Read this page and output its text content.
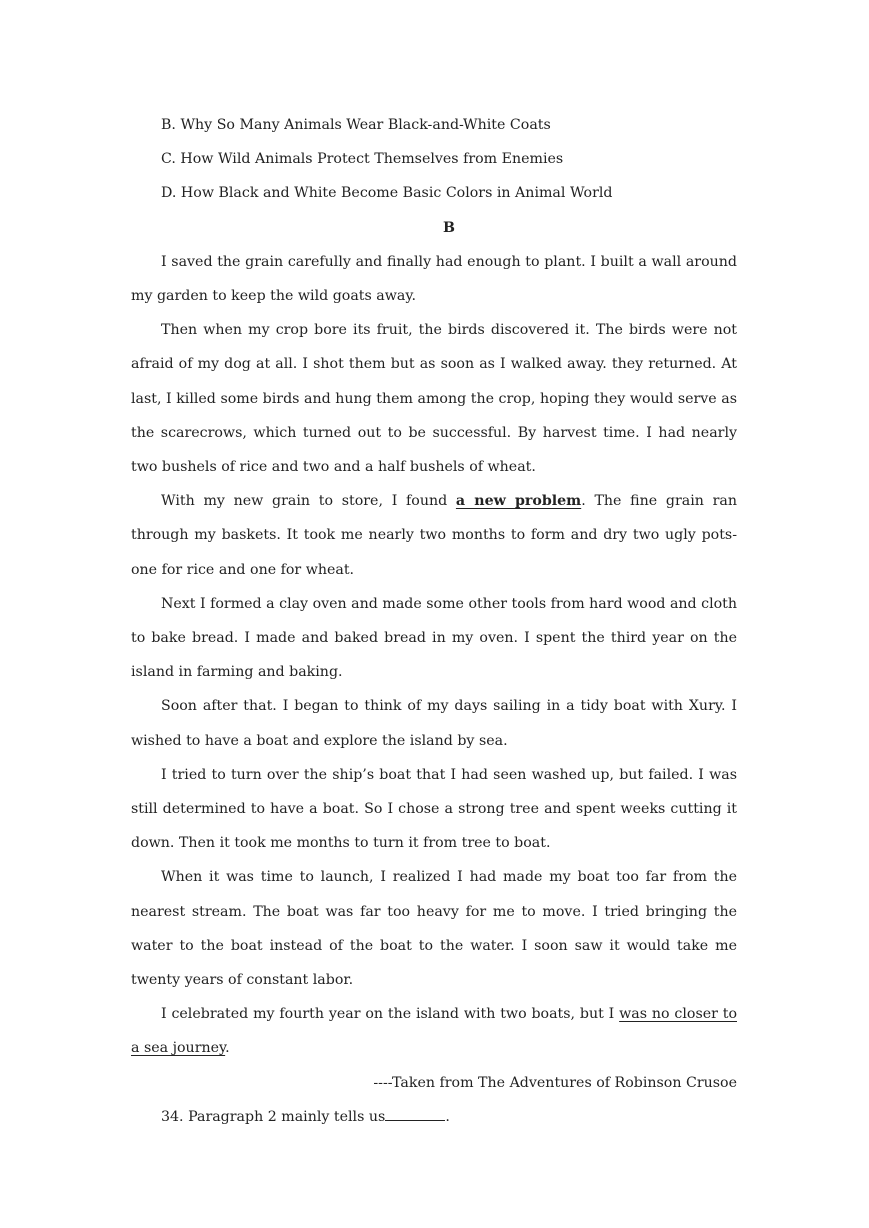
B. Why So Many Animals Wear Black-and-White Coats
C. How Wild Animals Protect Themselves from Enemies
D. How Black and White Become Basic Colors in Animal World
B

I saved the grain carefully and finally had enough to plant. I built a wall around my garden to keep the wild goats away.

Then when my crop bore its fruit, the birds discovered it. The birds were not afraid of my dog at all. I shot them but as soon as I walked away. they returned. At last, I killed some birds and hung them among the crop, hoping they would serve as the scarecrows, which turned out to be successful. By harvest time. I had nearly two bushels of rice and two and a half bushels of wheat.

With my new grain to store, I found a new problem. The fine grain ran through my baskets. It took me nearly two months to form and dry two ugly pots- one for rice and one for wheat.

Next I formed a clay oven and made some other tools from hard wood and cloth to bake bread. I made and baked bread in my oven. I spent the third year on the island in farming and baking.

Soon after that. I began to think of my days sailing in a tidy boat with Xury. I wished to have a boat and explore the island by sea.

I tried to turn over the ship’s boat that I had seen washed up, but failed. I was still determined to have a boat. So I chose a strong tree and spent weeks cutting it down. Then it took me months to turn it from tree to boat.

When it was time to launch, I realized I had made my boat too far from the nearest stream. The boat was far too heavy for me to move. I tried bringing the water to the boat instead of the boat to the water. I soon saw it would take me twenty years of constant labor.

I celebrated my fourth year on the island with two boats, but I was no closer to a sea journey.

----Taken from The Adventures of Robinson Crusoe

34. Paragraph 2 mainly tells us	.
